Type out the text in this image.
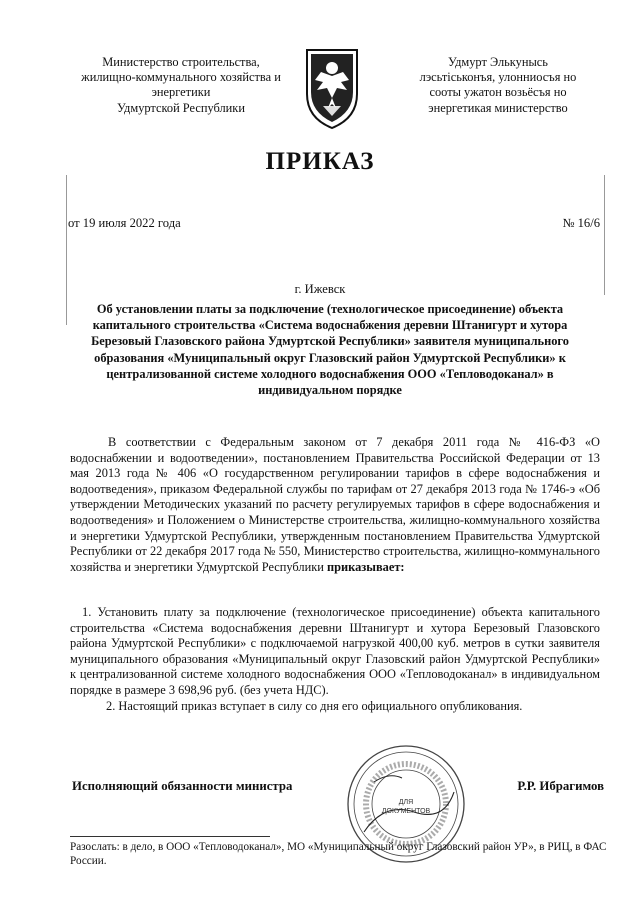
Министерство строительства,
жилищно-коммунального хозяйства и
энергетики
Удмуртской Республики
Удмурт Элькунысь
лэсьтiськонъя, улонниосъя но
сооты ужатон возьёсъя но
энергетикая министерство
ПРИКАЗ
от 19 июля 2022 года	№ 16/6
г. Ижевск
Об установлении платы за подключение (технологическое присоединение) объекта капитального строительства «Система водоснабжения деревни Штанигурт и хутора Березовый Глазовского района Удмуртской Республики» заявителя муниципального образования «Муниципальный округ Глазовский район Удмуртской Республики» к централизованной системе холодного водоснабжения ООО «Тепловодоканал» в индивидуальном порядке

В соответствии с Федеральным законом от 7 декабря 2011 года № 416-ФЗ «О водоснабжении и водоотведении», постановлением Правительства Российской Федерации от 13 мая 2013 года № 406 «О государственном регулировании тарифов в сфере водоснабжения и водоотведения», приказом Федеральной службы по тарифам от 27 декабря 2013 года № 1746-э «Об утверждении Методических указаний по расчету регулируемых тарифов в сфере водоснабжения и водоотведения» и Положением о Министерстве строительства, жилищно-коммунального хозяйства и энергетики Удмуртской Республики, утвержденным постановлением Правительства Удмуртской Республики от 22 декабря 2017 года № 550, Министерство строительства, жилищно-коммунального хозяйства и энергетики Удмуртской Республики приказывает:

1. Установить плату за подключение (технологическое присоединение) объекта капитального строительства «Система водоснабжения деревни Штанигурт и хутора Березовый Глазовского района Удмуртской Республики» с подключаемой нагрузкой 400,00 куб. метров в сутки заявителя муниципального образования «Муниципальный округ Глазовский район Удмуртской Республики» к централизованной системе холодного водоснабжения ООО «Тепловодоканал» в индивидуальном порядке в размере 3 698,96 руб. (без учета НДС).

2. Настоящий приказ вступает в силу со дня его официального опубликования.

Исполняющий обязанности министра	Р.Р. Ибрагимов
ДЛЯ
ДОКУМЕНТОВ
Разослать: в дело, в ООО «Тепловодоканал», МО «Муниципальный округ Глазовский район УР», в РИЦ, в ФАС России.
